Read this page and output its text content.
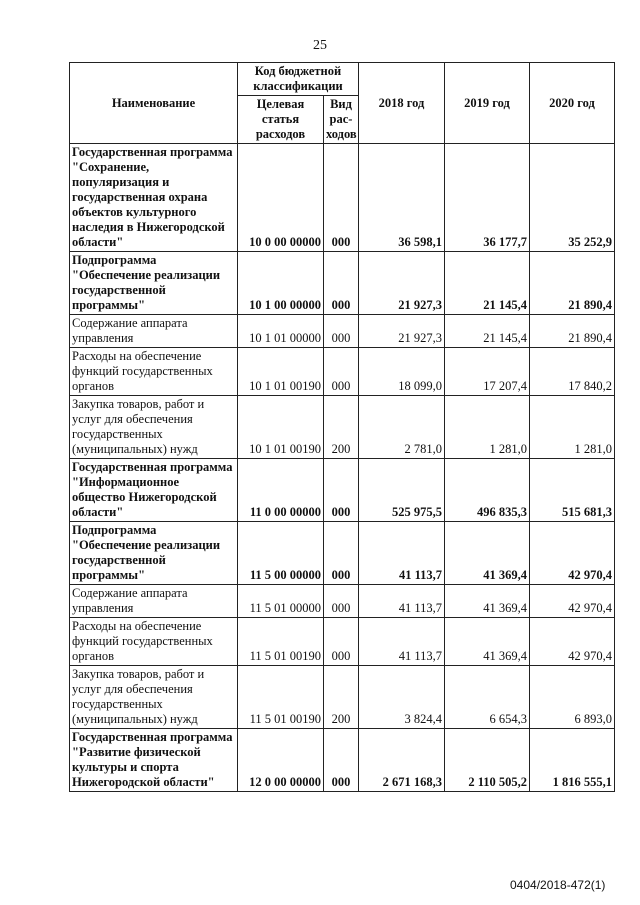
25
Наименование	Код бюджетной классификации		2018 год	2019 год	2020 год
	Целевая статья расходов	Вид рас-ходов			
Государственная программа "Сохранение, популяризация и государственная охрана объектов культурного наследия в Нижегородской области"	10 0 00 00000	000	36 598,1	36 177,7	35 252,9
Подпрограмма "Обеспечение реализации государственной программы"	10 1 00 00000	000	21 927,3	21 145,4	21 890,4
Содержание аппарата управления	10 1 01 00000	000	21 927,3	21 145,4	21 890,4
Расходы на обеспечение функций государственных органов	10 1 01 00190	000	18 099,0	17 207,4	17 840,2
Закупка товаров, работ и услуг для обеспечения государственных (муниципальных) нужд	10 1 01 00190	200	2 781,0	1 281,0	1 281,0
Государственная программа "Информационное общество Нижегородской области"	11 0 00 00000	000	525 975,5	496 835,3	515 681,3
Подпрограмма "Обеспечение реализации государственной программы"	11 5 00 00000	000	41 113,7	41 369,4	42 970,4
Содержание аппарата управления	11 5 01 00000	000	41 113,7	41 369,4	42 970,4
Расходы на обеспечение функций государственных органов	11 5 01 00190	000	41 113,7	41 369,4	42 970,4
Закупка товаров, работ и услуг для обеспечения государственных (муниципальных) нужд	11 5 01 00190	200	3 824,4	6 654,3	6 893,0
Государственная программа "Развитие физической культуры и спорта Нижегородской области"	12 0 00 00000	000	2 671 168,3	2 110 505,2	1 816 555,1
0404/2018-472(1)
